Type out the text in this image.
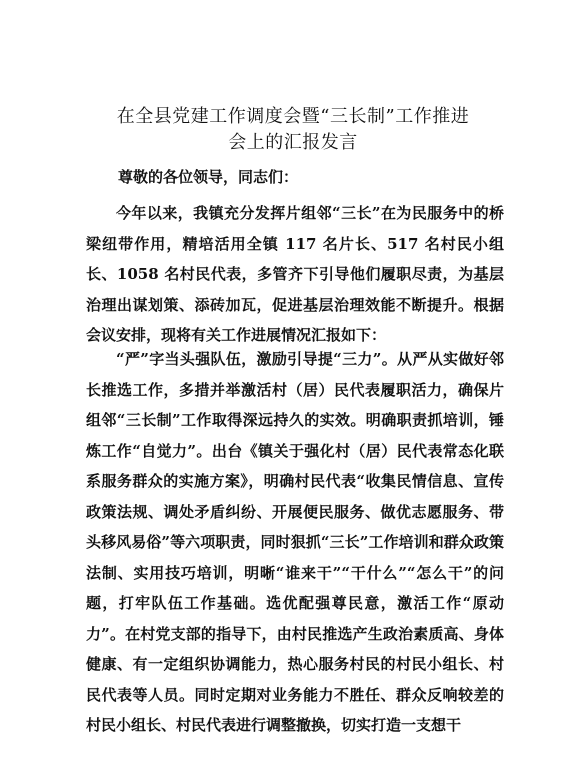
在全县党建工作调度会暨“三长制”工作推进
会上的汇报发言
尊敬的各位领导，同志们：
今年以来，我镇充分发挥片组邻“三长”在为民服务中的桥梁纽带作用，精培活用全镇 117 名片长、517 名村民小组长、1058 名村民代表，多管齐下引导他们履职尽责，为基层治理出谋划策、添砖加瓦，促进基层治理效能不断提升。根据会议安排，现将有关工作进展情况汇报如下：
“严”字当头强队伍，激励引导提“三力”。从严从实做好邻长推选工作，多措并举激活村（居）民代表履职活力，确保片组邻“三长制”工作取得深远持久的实效。明确职责抓培训，锤炼工作“自觉力”。出台《镇关于强化村（居）民代表常态化联系服务群众的实施方案》，明确村民代表“收集民情信息、宣传政策法规、调处矛盾纠纷、开展便民服务、做优志愿服务、带头移风易俗”等六项职责，同时狠抓“三长”工作培训和群众政策法制、实用技巧培训，明晰“谁来干”“干什么”“怎么干”的问题，打牢队伍工作基础。选优配强尊民意，激活工作“原动力”。在村党支部的指导下，由村民推选产生政治素质高、身体健康、有一定组织协调能力，热心服务村民的村民小组长、村民代表等人员。同时定期对业务能力不胜任、群众反响较差的村民小组长、村民代表进行调整撤换，切实打造一支想干
